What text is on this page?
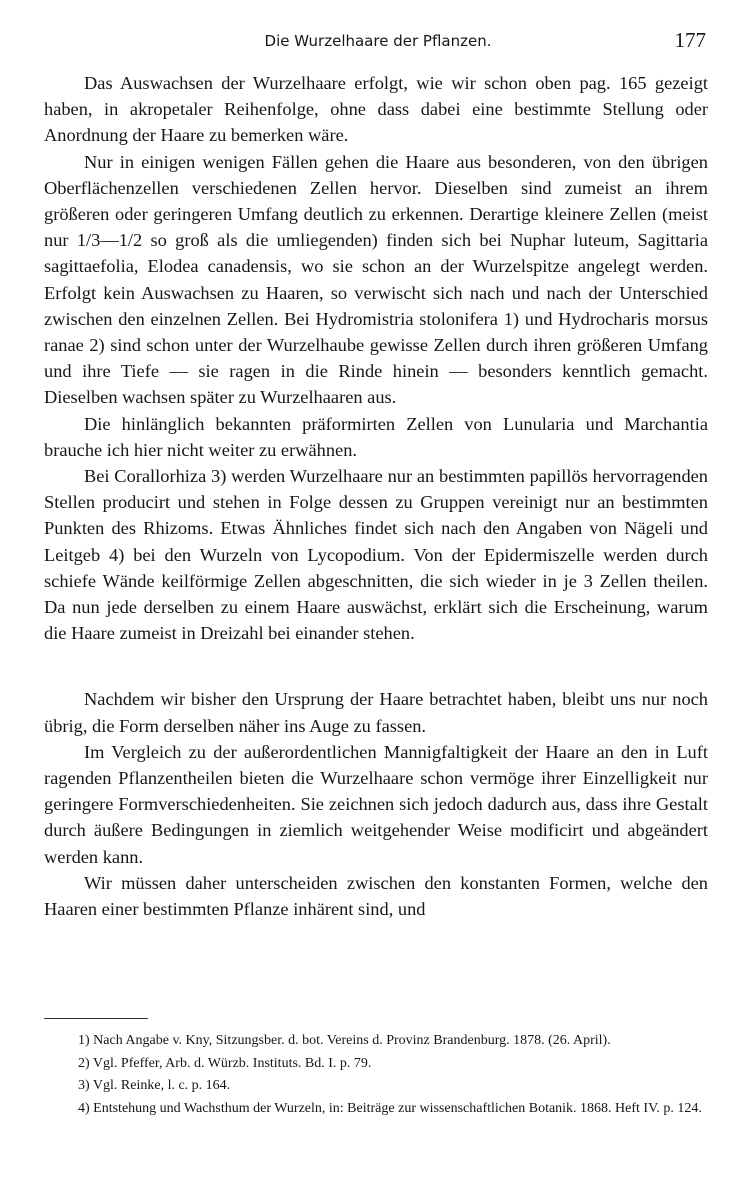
Die Wurzelhaare der Pflanzen.	177

Das Auswachsen der Wurzelhaare erfolgt, wie wir schon oben pag. 165 gezeigt haben, in akropetaler Reihenfolge, ohne dass dabei eine bestimmte Stellung oder Anordnung der Haare zu bemerken wäre.

Nur in einigen wenigen Fällen gehen die Haare aus besonderen, von den übrigen Oberflächenzellen verschiedenen Zellen hervor. Dieselben sind zumeist an ihrem größeren oder geringeren Umfang deutlich zu erkennen. Derartige kleinere Zellen (meist nur 1/3—1/2 so groß als die umliegenden) finden sich bei Nuphar luteum, Sagittaria sagittaefolia, Elodea canadensis, wo sie schon an der Wurzelspitze angelegt werden. Erfolgt kein Auswachsen zu Haaren, so verwischt sich nach und nach der Unterschied zwischen den einzelnen Zellen. Bei Hydromistria stolonifera 1) und Hydrocharis morsus ranae 2) sind schon unter der Wurzelhaube gewisse Zellen durch ihren größeren Umfang und ihre Tiefe — sie ragen in die Rinde hinein — besonders kenntlich gemacht. Dieselben wachsen später zu Wurzelhaaren aus.

Die hinlänglich bekannten präformirten Zellen von Lunularia und Marchantia brauche ich hier nicht weiter zu erwähnen.

Bei Corallorhiza 3) werden Wurzelhaare nur an bestimmten papillös hervorragenden Stellen producirt und stehen in Folge dessen zu Gruppen vereinigt nur an bestimmten Punkten des Rhizoms. Etwas Ähnliches findet sich nach den Angaben von Nägeli und Leitgeb 4) bei den Wurzeln von Lycopodium. Von der Epidermiszelle werden durch schiefe Wände keilförmige Zellen abgeschnitten, die sich wieder in je 3 Zellen theilen. Da nun jede derselben zu einem Haare auswächst, erklärt sich die Erscheinung, warum die Haare zumeist in Dreizahl bei einander stehen.

Nachdem wir bisher den Ursprung der Haare betrachtet haben, bleibt uns nur noch übrig, die Form derselben näher ins Auge zu fassen.

Im Vergleich zu der außerordentlichen Mannigfaltigkeit der Haare an den in Luft ragenden Pflanzentheilen bieten die Wurzelhaare schon vermöge ihrer Einzelligkeit nur geringere Formverschiedenheiten. Sie zeichnen sich jedoch dadurch aus, dass ihre Gestalt durch äußere Bedingungen in ziemlich weitgehender Weise modificirt und abgeändert werden kann.

Wir müssen daher unterscheiden zwischen den konstanten Formen, welche den Haaren einer bestimmten Pflanze inhärent sind, und

1) Nach Angabe v. Kny, Sitzungsber. d. bot. Vereins d. Provinz Brandenburg. 1878. (26. April).

2) Vgl. Pfeffer, Arb. d. Würzb. Instituts. Bd. I. p. 79.

3) Vgl. Reinke, l. c. p. 164.

4) Entstehung und Wachsthum der Wurzeln, in: Beiträge zur wissenschaftlichen Botanik. 1868. Heft IV. p. 124.
